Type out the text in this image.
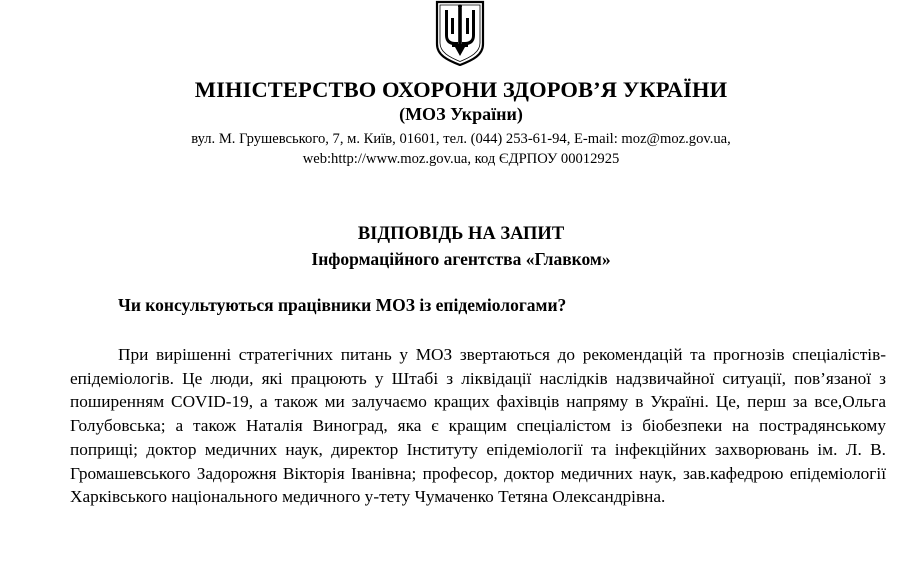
МІНІСТЕРСТВО ОХОРОНИ ЗДОРОВ’Я УКРАЇНИ
(МОЗ України)
вул. М. Грушевського, 7, м. Київ, 01601, тел. (044) 253-61-94, E-mail: moz@moz.gov.ua,
web:http://www.moz.gov.ua, код ЄДРПОУ 00012925
ВІДПОВІДЬ НА ЗАПИТ
Інформаційного агентства «Главком»
Чи консультуються працівники МОЗ із епідеміологами?

При вирішенні стратегічних питань у МОЗ звертаються до рекомендацій та прогнозів спеціалістів-епідеміологів. Це люди, які працюють у Штабі з ліквідації наслідків надзвичайної ситуації, пов’язаної з поширенням COVID-19, а також ми залучаємо кращих фахівців напряму в Україні. Це, перш за все,Ольга Голубовська; а також Наталія Виноград, яка є кращим спеціалістом із біобезпеки на пострадянському поприщі; доктор медичних наук, директор Інституту епідеміології та інфекційних захворювань ім. Л. В. Громашевського Задорожня Вікторія Іванівна; професор, доктор медичних наук, зав.кафедрою епідеміології Харківського національного медичного у-тету Чумаченко Тетяна Олександрівна.
